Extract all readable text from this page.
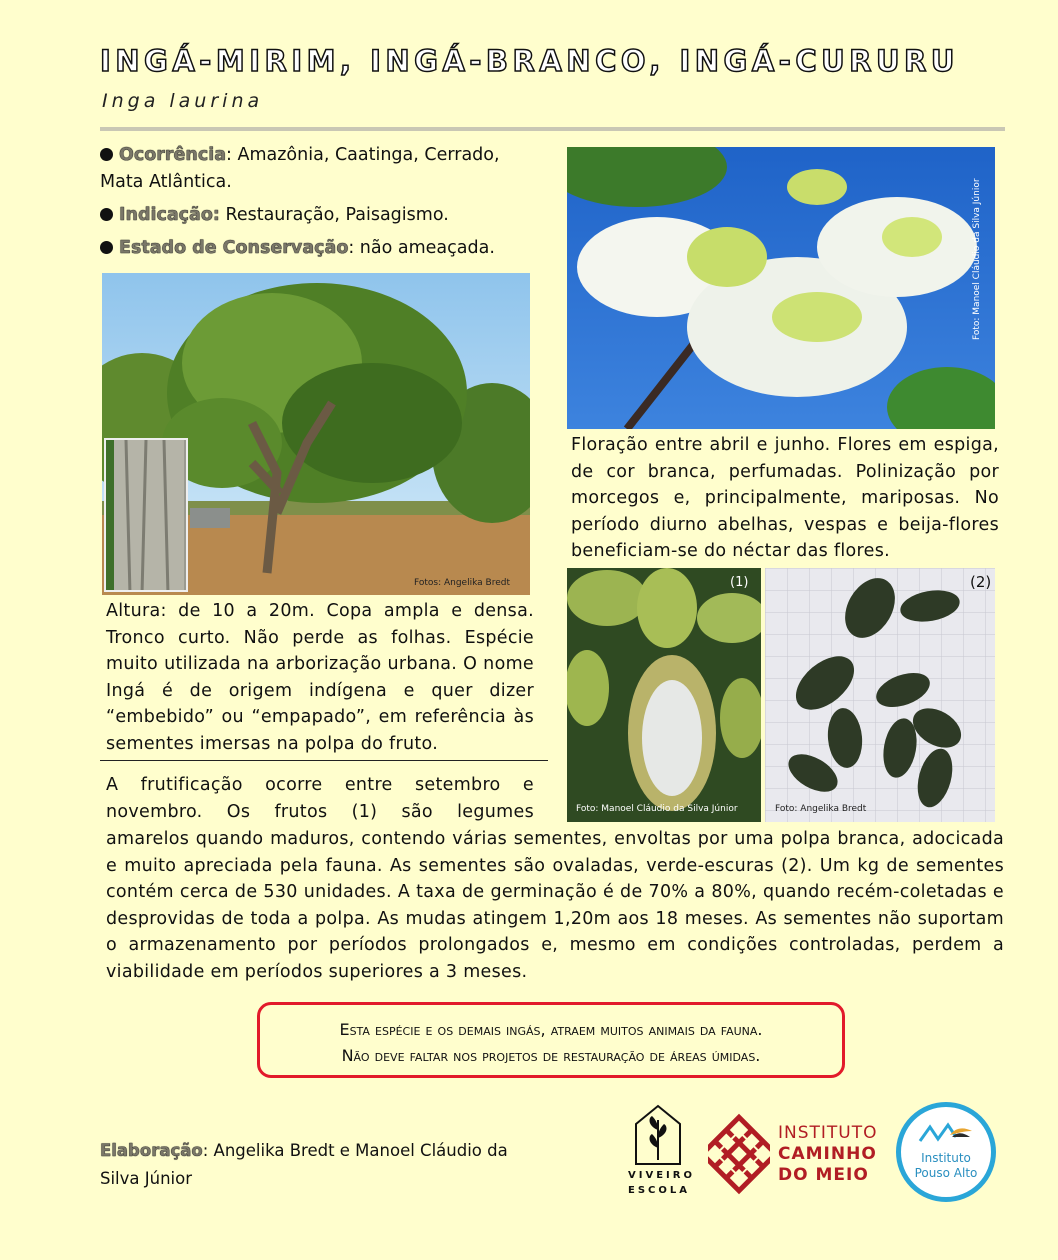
INGÁ-MIRIM, INGÁ-BRANCO, INGÁ-CURURU
Inga laurina
Ocorrência: Amazônia, Caatinga, Cerrado, Mata Atlântica.
Indicação: Restauração, Paisagismo.
Estado de Conservação: não ameaçada.
Fotos: Angelika Bredt
Altura: de 10 a 20m. Copa ampla e densa. Tronco curto. Não perde as folhas. Espécie muito utilizada na arborização urbana. O nome Ingá é de origem indígena e quer dizer “embebido” ou “empapado”, em referência às sementes imersas na polpa do fruto.
Foto: Manoel Cláudio da Silva Júnior
Floração entre abril e junho. Flores em espiga, de cor branca, perfumadas. Polinização por morcegos e, principalmente, mariposas. No período diurno abelhas, vespas e beija-flores beneficiam-se do néctar das flores.
(1)
Foto: Manoel Cláudio da Silva Júnior
(2)
Foto: Angelika Bredt
A frutificação ocorre entre setembro e novembro. Os frutos (1) são legumes
amarelos quando maduros, contendo várias sementes, envoltas por uma polpa branca, adocicada e muito apreciada pela fauna. As sementes são ovaladas, verde-escuras (2). Um kg de sementes contém cerca de 530 unidades. A taxa de germinação é de 70% a 80%, quando recém-coletadas e desprovidas de toda a polpa. As mudas atingem 1,20m aos 18 meses. As sementes não suportam o armazenamento por períodos prolongados e, mesmo em condições controladas, perdem a viabilidade em períodos superiores a 3 meses.
Esta espécie e os demais ingás, atraem muitos animais da fauna.
Não deve faltar nos projetos de restauração de áreas úmidas.
Elaboração: Angelika Bredt e Manoel Cláudio da Silva Júnior	VIVEIRO
ESCOLA
INSTITUTO
CAMINHO
DO MEIO
Instituto
Pouso Alto
